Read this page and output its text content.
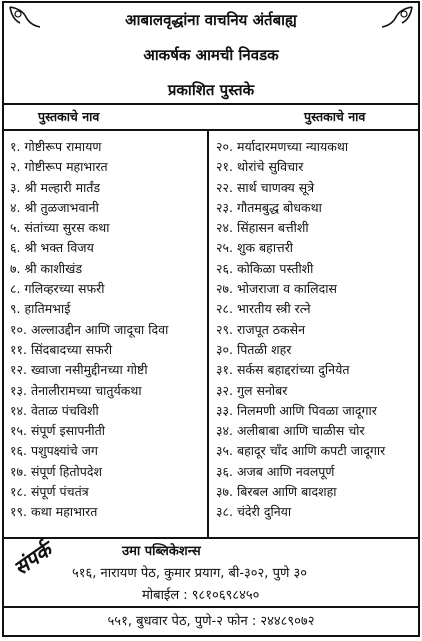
आबालवृद्धांना वाचनिय अंर्तबाह्य
आकर्षक आमची निवडक
प्रकाशित पुस्तके
पुस्तकाचे नाव	पुस्तकाचे नाव
१. गोष्टीरूप रामायण
२. गोष्टीरूप महाभारत
३. श्री मल्हारी मार्तंड
४. श्री तुळजाभवानी
५. संतांच्या सुरस कथा
६. श्री भक्त विजय
७. श्री काशीखंड
८. गलिव्हरच्या सफरी
९. हातिमभाई
१०. अल्लाउद्दीन आणि जादूचा दिवा
११. सिंदबादच्या सफरी
१२. ख्वाजा नसीमुद्दीनच्या गोष्टी
१३. तेनालीरामच्या चातुर्यकथा
१४. वेताळ पंचविशी
१५. संपूर्ण इसापनीती
१६. पशुपक्ष्यांचे जग
१७. संपूर्ण हितोपदेश
१८. संपूर्ण पंचतंत्र
१९. कथा महाभारत
२०. मर्यादारमणच्या न्यायकथा
२१. थोरांचे सुविचार
२२. सार्थ चाणक्य सूत्रे
२३. गौतमबुद्ध बोधकथा
२४. सिंहासन बत्तीशी
२५. शुक बहात्तरी
२६. कोकिळा पस्तीशी
२७. भोजराजा व कालिदास
२८. भारतीय स्त्री रत्ने
२९. राजपूत ठकसेन
३०. पितळी शहर
३१. सर्कस बहाद्दरांच्या दुनियेत
३२. गुल सनोबर
३३. निलमणी आणि पिवळा जादूगार
३४. अलीबाबा आणि चाळीस चोर
३५. बहादूर चाँद आणि कपटी जादूगार
३६. अजब आणि नवलपूर्ण
३७. बिरबल आणि बादशहा
३८. चंदेरी दुनिया
संपर्क	उमा पब्लिकेशन्स
५१६, नारायण पेठ, कुमार प्रयाग, बी-३०२, पुणे ३०
मोबाईल : ९८१०६९८४५०
५५१, बुधवार पेठ, पुणे-२ फोन : २४४८९०७२
